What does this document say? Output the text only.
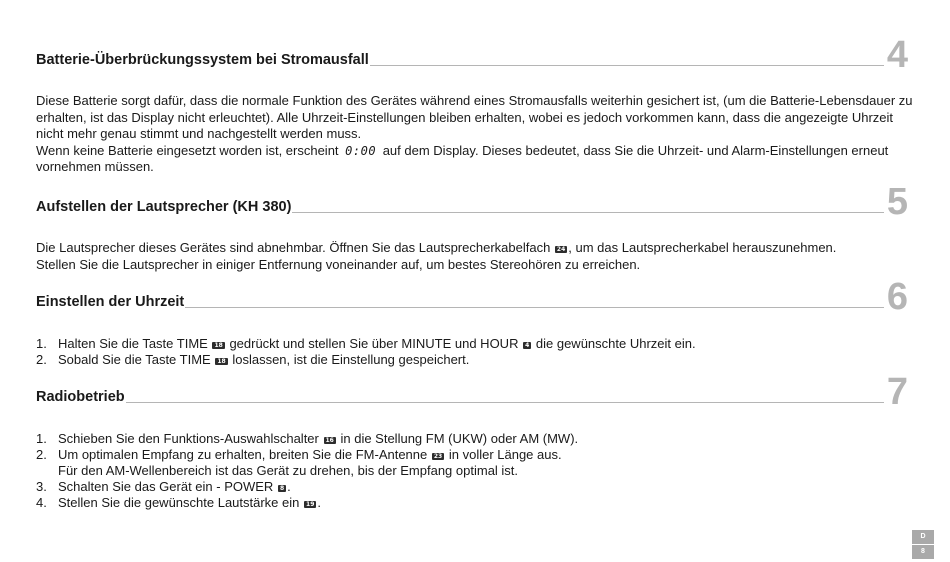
Batterie-Überbrückungssystem bei Stromausfall	4

Diese Batterie sorgt dafür, dass die normale Funktion des Gerätes während eines Stromausfalls weiterhin gesichert ist, (um die Batterie-Lebensdauer zu erhalten, ist das Display nicht erleuchtet). Alle Uhrzeit-Einstellungen bleiben erhalten, wobei es jedoch vorkommen kann, dass die angezeigte Uhrzeit nicht mehr genau stimmt und nachgestellt werden muss.

Wenn keine Batterie eingesetzt worden ist, erscheint 0:00 auf dem Display. Dieses bedeutet, dass Sie die Uhrzeit- und Alarm-Einstellungen erneut vornehmen müssen.

Aufstellen der Lautsprecher (KH 380)	5

Die Lautsprecher dieses Gerätes sind abnehmbar. Öffnen Sie das Lautsprecherkabelfach 24 , um das Lautsprecherkabel herauszunehmen.

Stellen Sie die Lautsprecher in einiger Entfernung voneinander auf, um bestes Stereohören zu erreichen.

Einstellen der Uhrzeit	6
1. Halten Sie die Taste TIME 18 gedrückt und stellen Sie über MINUTE und HOUR 4 die gewünschte Uhrzeit ein.
2. Sobald Sie die Taste TIME 18 loslassen, ist die Einstellung gespeichert.
Radiobetrieb	7
1. Schieben Sie den Funktions-Auswahlschalter 16 in die Stellung FM (UKW) oder AM (MW).
2. Um optimalen Empfang zu erhalten, breiten Sie die FM-Antenne 23 in voller Länge aus.
Für den AM-Wellenbereich ist das Gerät zu drehen, bis der Empfang optimal ist.
3. Schalten Sie das Gerät ein - POWER 8 .
4. Stellen Sie die gewünschte Lautstärke ein 19 .
D
8
